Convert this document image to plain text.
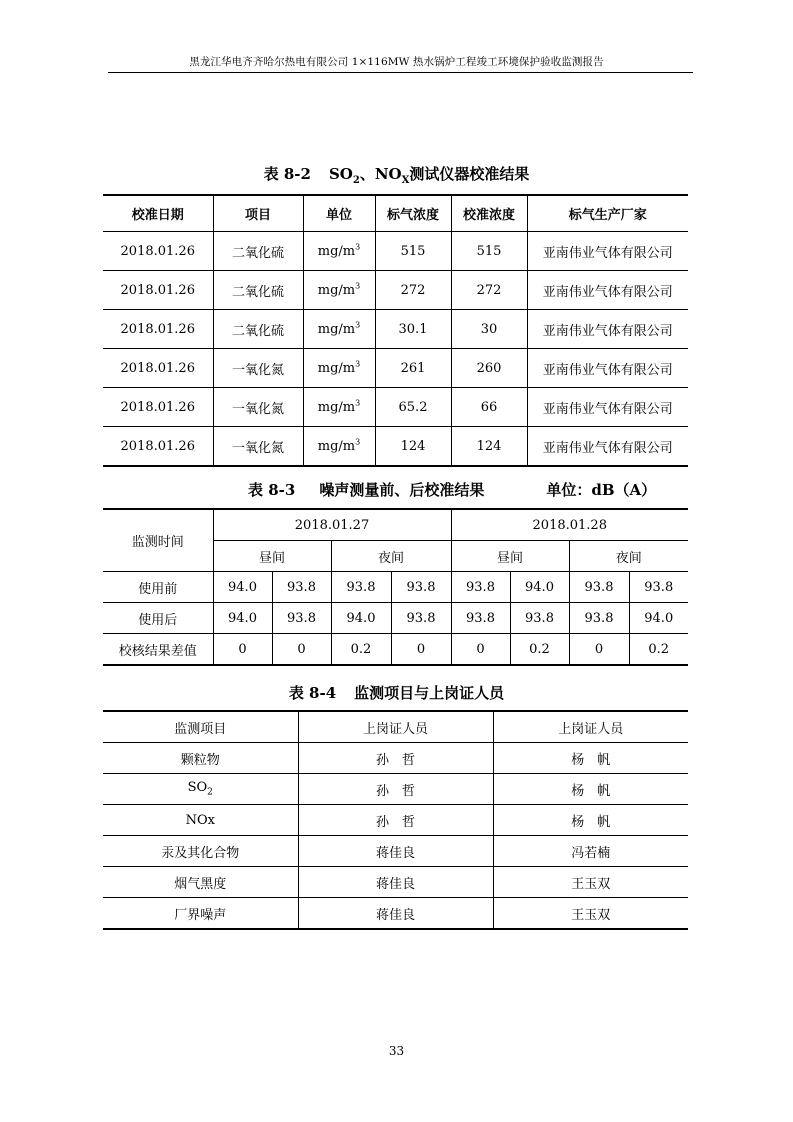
黑龙江华电齐齐哈尔热电有限公司 1×116MW 热水锅炉工程竣工环境保护验收监测报告
表 8-2 $SO_2$、$NO_X$测试仪器校准结果
校准日期	项目	单位	标气浓度	校准浓度	标气生产厂家
2018.01.26	二氧化硫	$mg/m^3$	515	515	亚南伟业气体有限公司
2018.01.26	二氧化硫	$mg/m^3$	272	272	亚南伟业气体有限公司
2018.01.26	二氧化硫	$mg/m^3$	30.1	30	亚南伟业气体有限公司
2018.01.26	一氧化氮	$mg/m^3$	261	260	亚南伟业气体有限公司
2018.01.26	一氧化氮	$mg/m^3$	65.2	66	亚南伟业气体有限公司
2018.01.26	一氧化氮	$mg/m^3$	124	124	亚南伟业气体有限公司
表 8-3 噪声测量前、后校准结果	单位：dB（A）
监测时间	2018.01.27				2018.01.28			
	昼间		夜间		昼间		夜间	
使用前	94.0	93.8	93.8	93.8	93.8	94.0	93.8	93.8
使用后	94.0	93.8	94.0	93.8	93.8	93.8	93.8	94.0
校核结果差值	0	0	0.2	0	0	0.2	0	0.2
表 8-4 监测项目与上岗证人员
监测项目	上岗证人员	上岗证人员
颗粒物	孙　哲	杨　帆
$SO_2$	孙　哲	杨　帆
NOx	孙　哲	杨　帆
汞及其化合物	蒋佳良	冯若楠
烟气黑度	蒋佳良	王玉双
厂界噪声	蒋佳良	王玉双
33
